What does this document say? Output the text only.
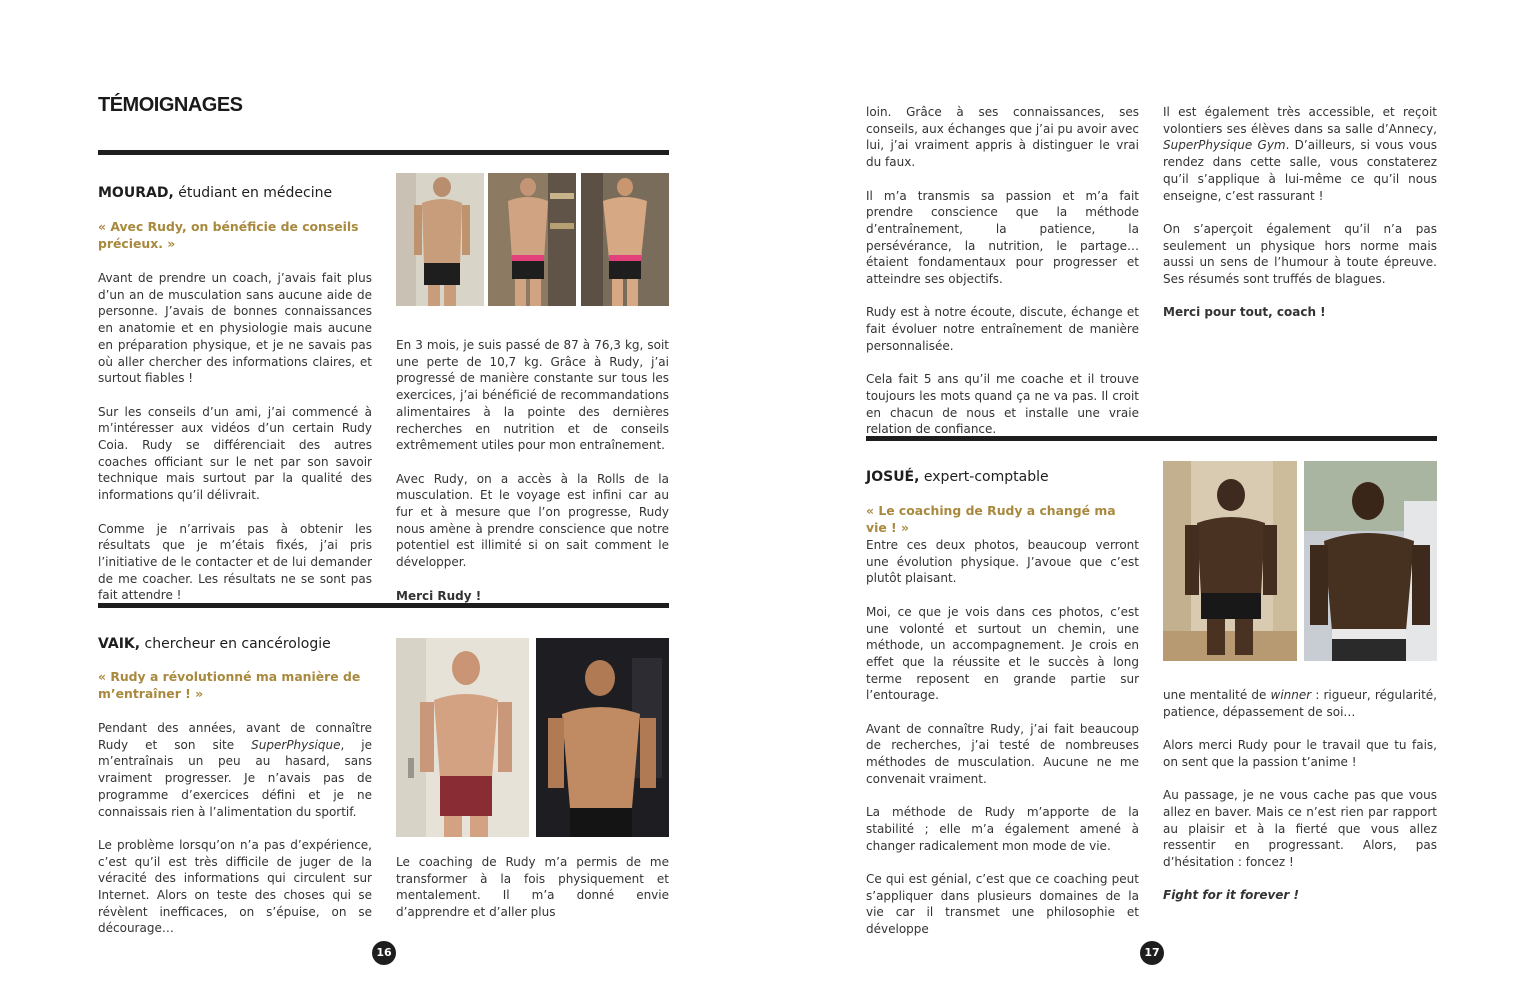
TÉMOIGNAGES
MOURAD, étudiant en médecine
« Avec Rudy, on bénéficie de conseils précieux. »

Avant de prendre un coach, j’avais fait plus d’un an de musculation sans aucune aide de personne. J’avais de bonnes connaissances en anatomie et en physiologie mais aucune en préparation physique, et je ne savais pas où aller chercher des informations claires, et surtout fiables !

Sur les conseils d’un ami, j’ai commencé à m’intéresser aux vidéos d’un certain Rudy Coia. Rudy se différenciait des autres coaches officiant sur le net par son savoir technique mais surtout par la qualité des informations qu’il délivrait.

Comme je n’arrivais pas à obtenir les résultats que je m’étais fixés, j’ai pris l’initiative de le contacter et de lui demander de me coacher. Les résultats ne se sont pas fait attendre !

En 3 mois, je suis passé de 87 à 76,3 kg, soit une perte de 10,7 kg. Grâce à Rudy, j’ai progressé de manière constante sur tous les exercices, j’ai bénéficié de recommandations alimentaires à la pointe des dernières recherches en nutrition et de conseils extrêmement utiles pour mon entraînement.

Avec Rudy, on a accès à la Rolls de la musculation. Et le voyage est infini car au fur et à mesure que l’on progresse, Rudy nous amène à prendre conscience que notre potentiel est illimité si on sait comment le développer.

Merci Rudy !

VAIK, chercheur en cancérologie
« Rudy a révolutionné ma manière de m’entraîner ! »

Pendant des années, avant de connaître Rudy et son site SuperPhysique, je m’entraînais un peu au hasard, sans vraiment progresser. Je n’avais pas de programme d’exercices défini et je ne connaissais rien à l’alimentation du sportif.

Le problème lorsqu’on n’a pas d’expérience, c’est qu’il est très difficile de juger de la véracité des informations qui circulent sur Internet. Alors on teste des choses qui se révèlent inefficaces, on s’épuise, on se décourage…

Le coaching de Rudy m’a permis de me transformer à la fois physiquement et mentalement. Il m’a donné envie d’apprendre et d’aller plus

16

loin. Grâce à ses connaissances, ses conseils, aux échanges que j’ai pu avoir avec lui, j’ai vraiment appris à distinguer le vrai du faux.

Il m’a transmis sa passion et m’a fait prendre conscience que la méthode d’entraînement, la patience, la persévérance, la nutrition, le partage… étaient fondamentaux pour progresser et atteindre ses objectifs.

Rudy est à notre écoute, discute, échange et fait évoluer notre entraînement de manière personnalisée.

Cela fait 5 ans qu’il me coache et il trouve toujours les mots quand ça ne va pas. Il croit en chacun de nous et installe une vraie relation de confiance.

Il est également très accessible, et reçoit volontiers ses élèves dans sa salle d’Annecy, SuperPhysique Gym. D’ailleurs, si vous vous rendez dans cette salle, vous constaterez qu’il s’applique à lui-même ce qu’il nous enseigne, c’est rassurant !

On s’aperçoit également qu’il n’a pas seulement un physique hors norme mais aussi un sens de l’humour à toute épreuve. Ses résumés sont truffés de blagues.

Merci pour tout, coach !

JOSUÉ, expert-comptable
« Le coaching de Rudy a changé ma vie ! »

Entre ces deux photos, beaucoup verront une évolution physique. J’avoue que c’est plutôt plaisant.

Moi, ce que je vois dans ces photos, c’est une volonté et surtout un chemin, une méthode, un accompagnement. Je crois en effet que la réussite et le succès à long terme reposent en grande partie sur l’entourage.

Avant de connaître Rudy, j’ai fait beaucoup de recherches, j’ai testé de nombreuses méthodes de musculation. Aucune ne me convenait vraiment.

La méthode de Rudy m’apporte de la stabilité ; elle m’a également amené à changer radicalement mon mode de vie.

Ce qui est génial, c’est que ce coaching peut s’appliquer dans plusieurs domaines de la vie car il transmet une philosophie et développe

une mentalité de winner : rigueur, régularité, patience, dépassement de soi…

Alors merci Rudy pour le travail que tu fais, on sent que la passion t’anime !

Au passage, je ne vous cache pas que vous allez en baver. Mais ce n’est rien par rapport au plaisir et à la fierté que vous allez ressentir en progressant. Alors, pas d’hésitation : foncez !

Fight for it forever !

17
